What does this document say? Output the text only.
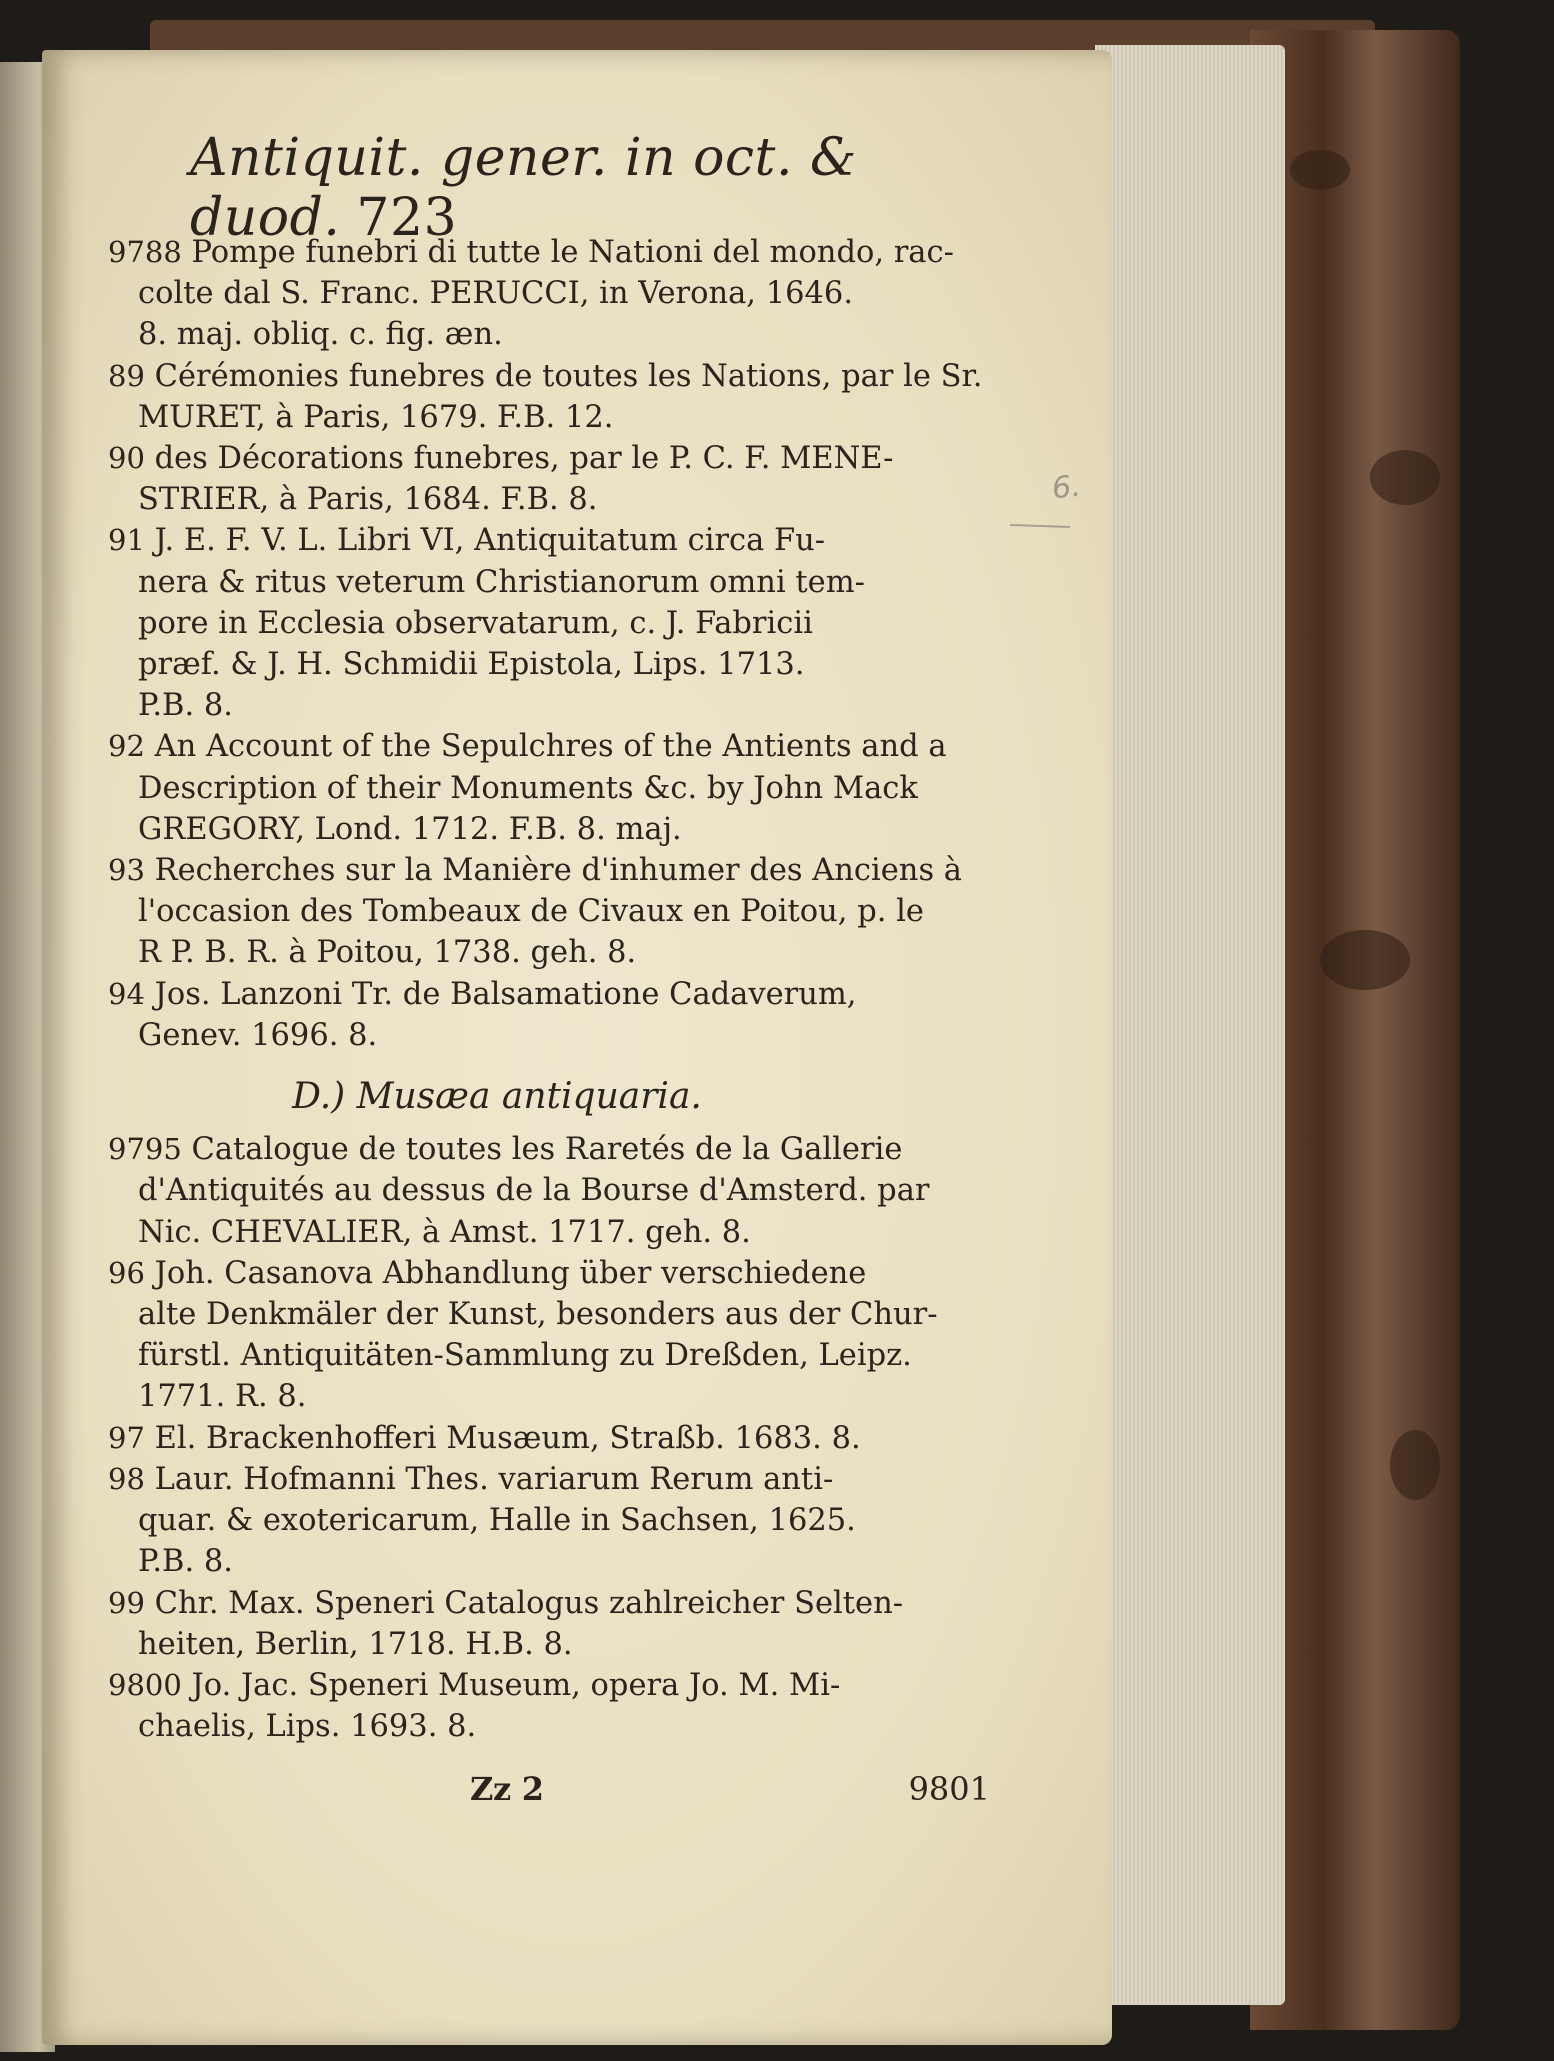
Antiquit. gener. in oct. & duod. 723
6.
9788 Pompe funebri di tutte le Nationi del mondo, rac-
colte dal S. Franc. PERUCCI, in Verona, 1646.
8. maj. obliq. c. fig. æn.
89 Cérémonies funebres de toutes les Nations, par le Sr.
MURET, à Paris, 1679. F.B. 12.
90 des Décorations funebres, par le P. C. F. MENE-
STRIER, à Paris, 1684. F.B. 8.
91 J. E. F. V. L. Libri VI, Antiquitatum circa Fu-
nera & ritus veterum Christianorum omni tem-
pore in Ecclesia observatarum, c. J. Fabricii
præf. & J. H. Schmidii Epistola, Lips. 1713.
P.B. 8.
92 An Account of the Sepulchres of the Antients and a
Description of their Monuments &c. by John Mack
GREGORY, Lond. 1712. F.B. 8. maj.
93 Recherches sur la Manière d'inhumer des Anciens à
l'occasion des Tombeaux de Civaux en Poitou, p. le
R P. B. R. à Poitou, 1738. geh. 8.
94 Jos. Lanzoni Tr. de Balsamatione Cadaverum,
Genev. 1696. 8.
D.) Musæa antiquaria.
9795 Catalogue de toutes les Raretés de la Gallerie
d'Antiquités au dessus de la Bourse d'Amsterd. par
Nic. CHEVALIER, à Amst. 1717. geh. 8.
96 Joh. Casanova Abhandlung über verschiedene
alte Denkmäler der Kunst, besonders aus der Chur-
fürstl. Antiquitäten-Sammlung zu Dreßden, Leipz.
1771. R. 8.
97 El. Brackenhofferi Musæum, Straßb. 1683. 8.
98 Laur. Hofmanni Thes. variarum Rerum anti-
quar. & exotericarum, Halle in Sachsen, 1625.
P.B. 8.
99 Chr. Max. Speneri Catalogus zahlreicher Selten-
heiten, Berlin, 1718. H.B. 8.
9800 Jo. Jac. Speneri Museum, opera Jo. M. Mi-
chaelis, Lips. 1693. 8.
Zz 2	9801
